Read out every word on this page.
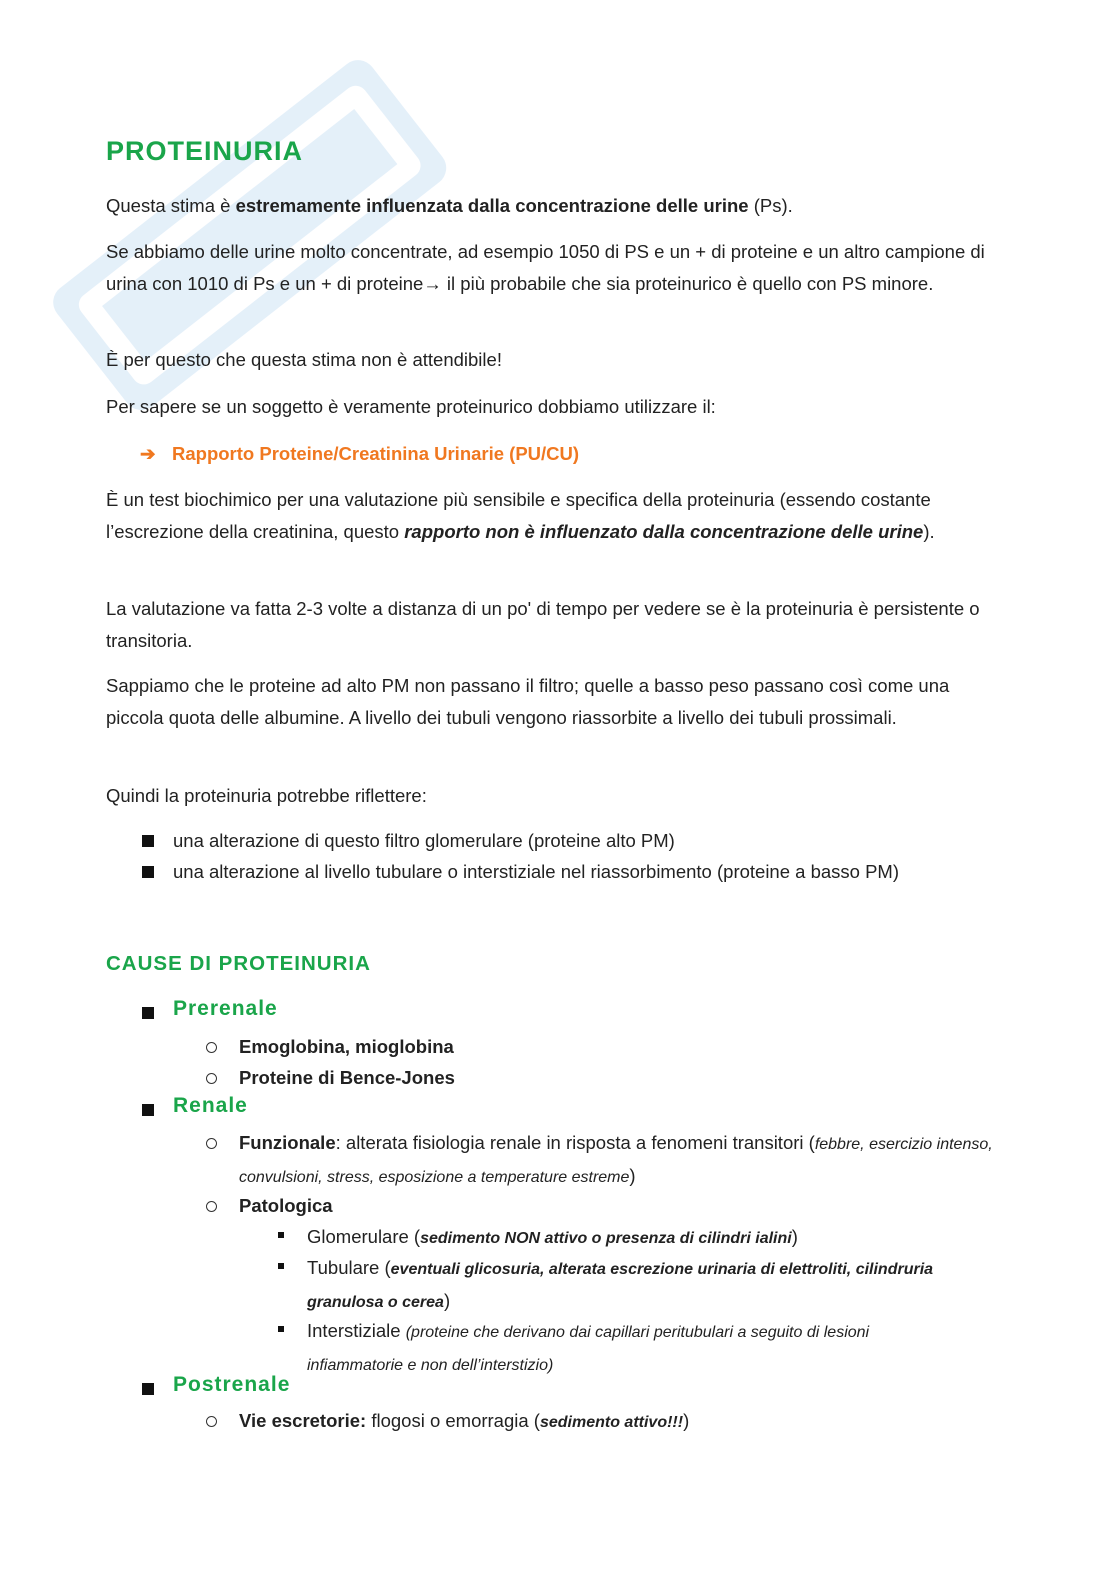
PROTEINURIA

Questa stima è estremamente influenzata dalla concentrazione delle urine (Ps).

Se abbiamo delle urine molto concentrate, ad esempio 1050 di PS e un + di proteine e un altro campione di urina con 1010 di Ps e un + di proteine→ il più probabile che sia proteinurico è quello con PS minore.

È per questo che questa stima non è attendibile!

Per sapere se un soggetto è veramente proteinurico dobbiamo utilizzare il:

➔ Rapporto Proteine/Creatinina Urinarie (PU/CU)

È un test biochimico per una valutazione più sensibile e specifica della proteinuria (essendo costante l’escrezione della creatinina, questo rapporto non è influenzato dalla concentrazione delle urine).

La valutazione va fatta 2-3 volte a distanza di un po' di tempo per vedere se è la proteinuria è persistente o transitoria.

Sappiamo che le proteine ad alto PM non passano il filtro; quelle a basso peso passano così come una piccola quota delle albumine. A livello dei tubuli vengono riassorbite a livello dei tubuli prossimali.

Quindi la proteinuria potrebbe riflettere:

una alterazione di questo filtro glomerulare (proteine alto PM)
una alterazione al livello tubulare o interstiziale nel riassorbimento (proteine a basso PM)
CAUSE DI PROTEINURIA
Prerenale
Emoglobina, mioglobina
Proteine di Bence-Jones
Renale
Funzionale: alterata fisiologia renale in risposta a fenomeni transitori (febbre, esercizio intenso, convulsioni, stress, esposizione a temperature estreme)
Patologica
Glomerulare (sedimento NON attivo o presenza di cilindri ialini)
Tubulare (eventuali glicosuria, alterata escrezione urinaria di elettroliti, cilindruria granulosa o cerea)
Interstiziale (proteine che derivano dai capillari peritubulari a seguito di lesioni infiammatorie e non dell’interstizio)
Postrenale
Vie escretorie: flogosi o emorragia (sedimento attivo!!!)
